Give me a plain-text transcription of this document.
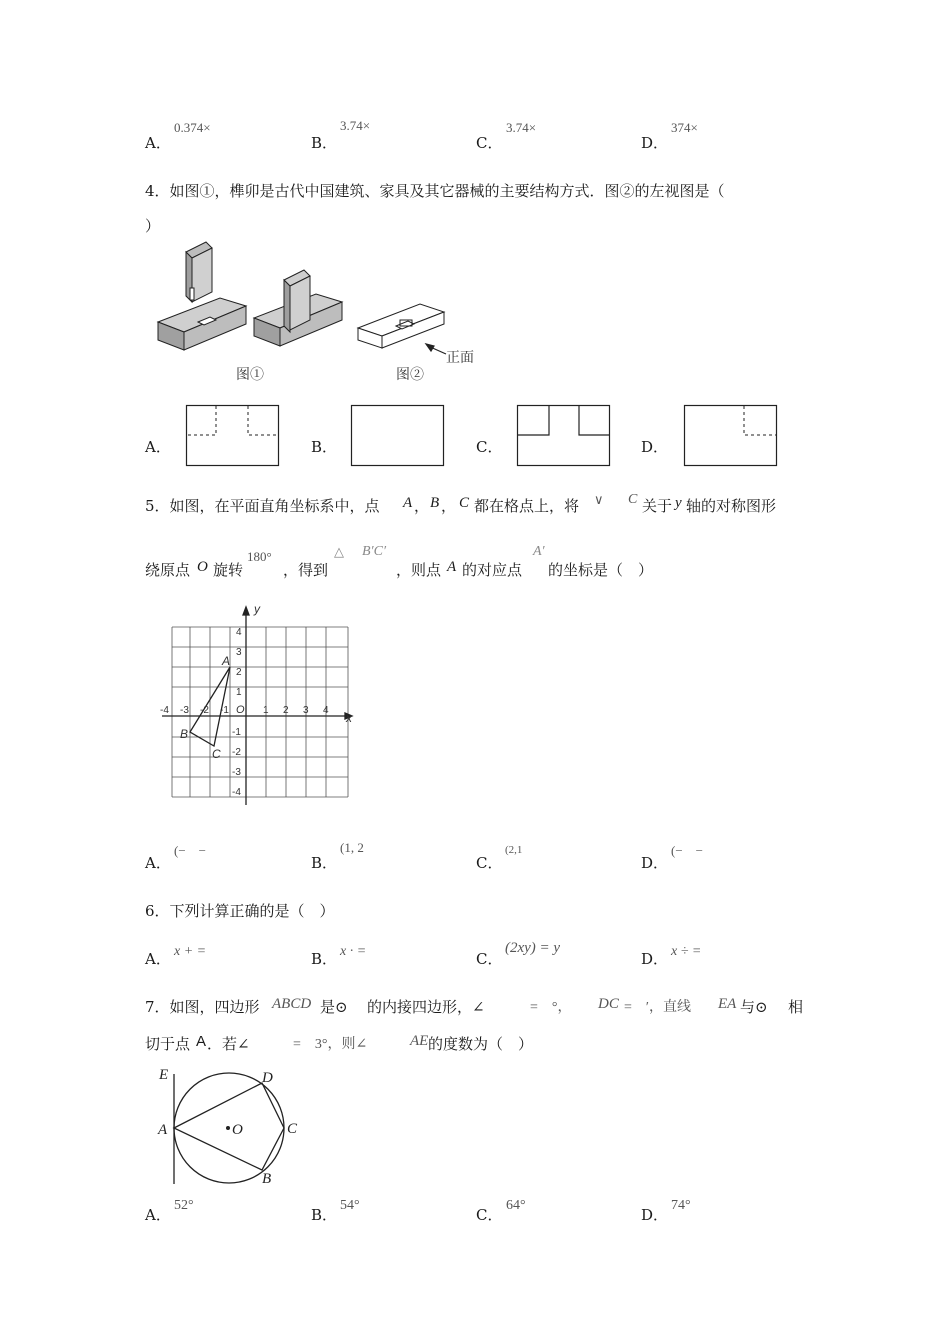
A．
0.374×
B．
3.74×
C．
3.74×
D．
374×
4．如图①，榫卯是古代中国建筑、家具及其它器械的主要结构方式．图②的左视图是（
）
正面
图①	图②
A．	B．	C．	D．
5．如图，在平面直角坐标系中，点 A ， B ， C 都在格点上，将 ∨ C 关于 y 轴的对称图形
绕原点 O 旋转
180°
，得到
△ B′C′
，则点 A 的对应点
A′
的坐标是（　）
y
x
O
-4 -3 -2 -1	1 2 3 4
4
3
2
1
-1
-2
-3
-4
A
B
C
A．
(−　−
B．
(1, 2
C．
(2,1
D．
(−　−
6．下列计算正确的是（　）
A． x + =	B． x · =	C．
(2xy) = y
D． x ÷ =
7．如图，四边形 ABCD 是⊙ 的内接四边形，∠	=　°， DC =　′，直线 EA 与⊙ 相
切于点 A ．若∠	=　3°，则∠	AE 的度数为（　）
E
A	O
D
C
B
A．
52°
B．
54°
C．
64°
D．
74°
